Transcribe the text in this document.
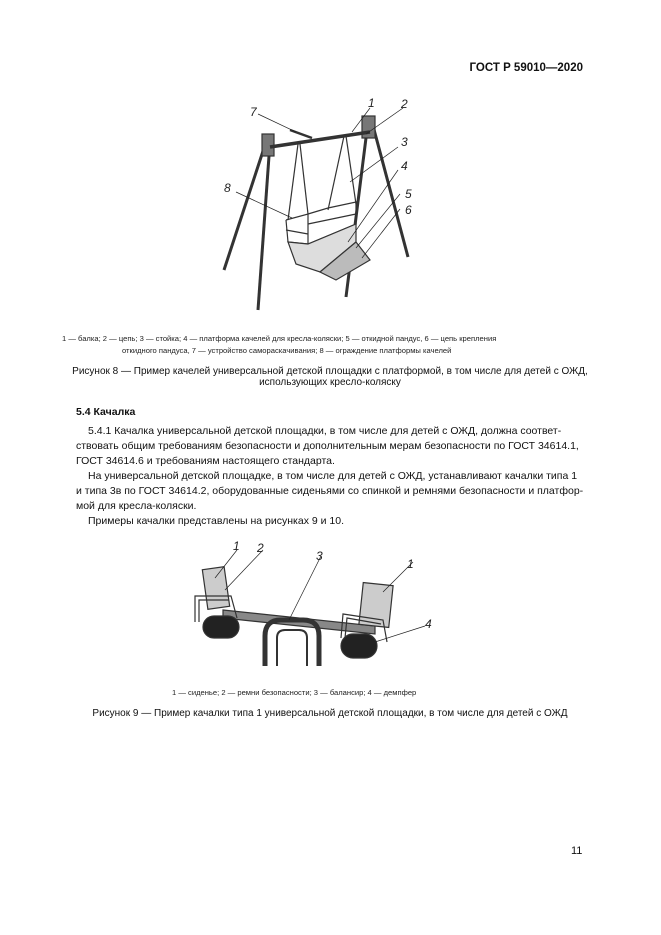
ГОСТ Р 59010—2020
7
1 2
3
4
5
6
8
1 — балка; 2 — цепь; 3 — стойка; 4 — платформа качелей для кресла-коляски; 5 — откидной пандус, 6 — цепь крепления
откидного пандуса, 7 — устройство самораскачивания; 8 — ограждение платформы качелей
Рисунок 8 — Пример качелей универсальной детской площадки с платформой, в том числе для детей с ОЖД,
использующих кресло-коляску
5.4 Качалка
5.4.1 Качалка универсальной детской площадки, в том числе для детей с ОЖД, должна соответ-
ствовать общим требованиям безопасности и дополнительным мерам безопасности по ГОСТ 34614.1,
ГОСТ 34614.6 и требованиям настоящего стандарта.
На универсальной детской площадке, в том числе для детей с ОЖД, устанавливают качалки типа 1
и типа 3в по ГОСТ 34614.2, оборудованные сиденьями со спинкой и ремнями безопасности и платфор-
мой для кресла-коляски.
Примеры качалки представлены на рисунках 9 и 10.
1 2
3
1
4
1 — сиденье; 2 — ремни безопасности; 3 — балансир; 4 — демпфер
Рисунок 9 — Пример качалки типа 1 универсальной детской площадки, в том числе для детей с ОЖД
11
